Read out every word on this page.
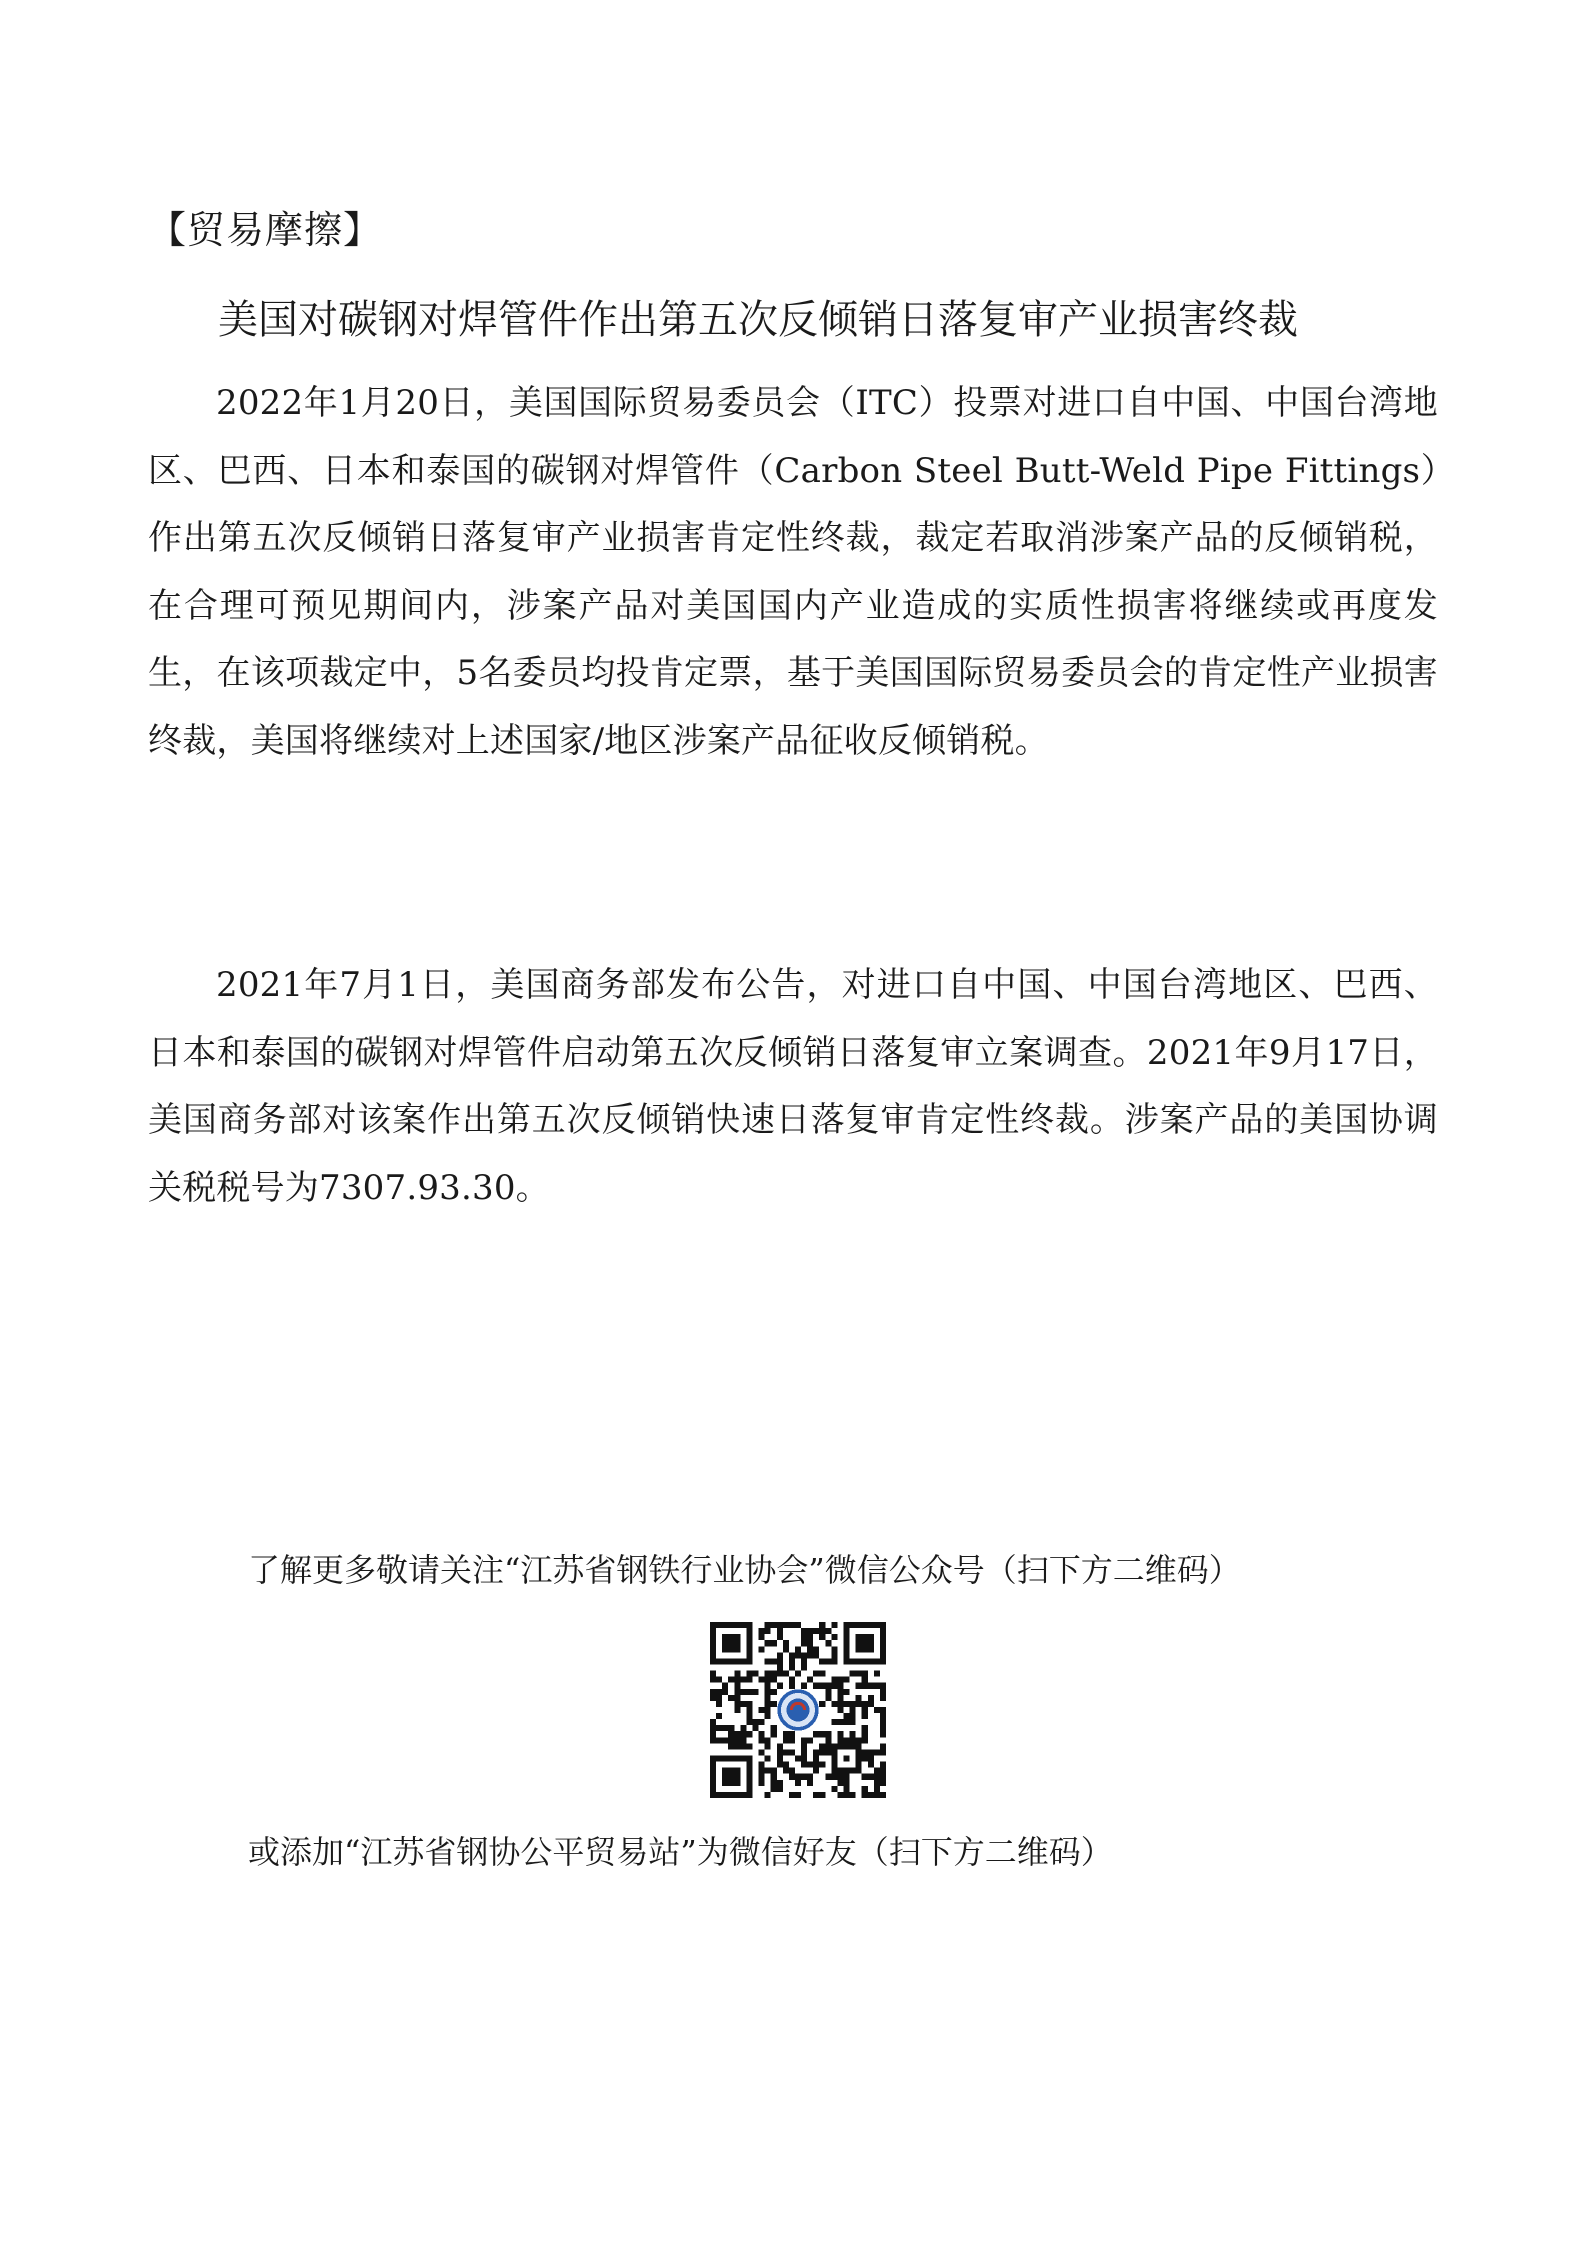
【贸易摩擦】
美国对碳钢对焊管件作出第五次反倾销日落复审产业损害终裁

2022年1月20日，美国国际贸易委员会（ITC）投票对进口自中国、中国台湾地区、巴西、日本和泰国的碳钢对焊管件（Carbon Steel Butt-Weld Pipe Fittings）作出第五次反倾销日落复审产业损害肯定性终裁，裁定若取消涉案产品的反倾销税，在合理可预见期间内，涉案产品对美国国内产业造成的实质性损害将继续或再度发生，在该项裁定中，5名委员均投肯定票，基于美国国际贸易委员会的肯定性产业损害终裁，美国将继续对上述国家/地区涉案产品征收反倾销税。

2021年7月1日，美国商务部发布公告，对进口自中国、中国台湾地区、巴西、日本和泰国的碳钢对焊管件启动第五次反倾销日落复审立案调查。2021年9月17日，美国商务部对该案作出第五次反倾销快速日落复审肯定性终裁。涉案产品的美国协调关税税号为7307.93.30。

了解更多敬请关注“江苏省钢铁行业协会”微信公众号（扫下方二维码）
或添加“江苏省钢协公平贸易站”为微信好友（扫下方二维码）
